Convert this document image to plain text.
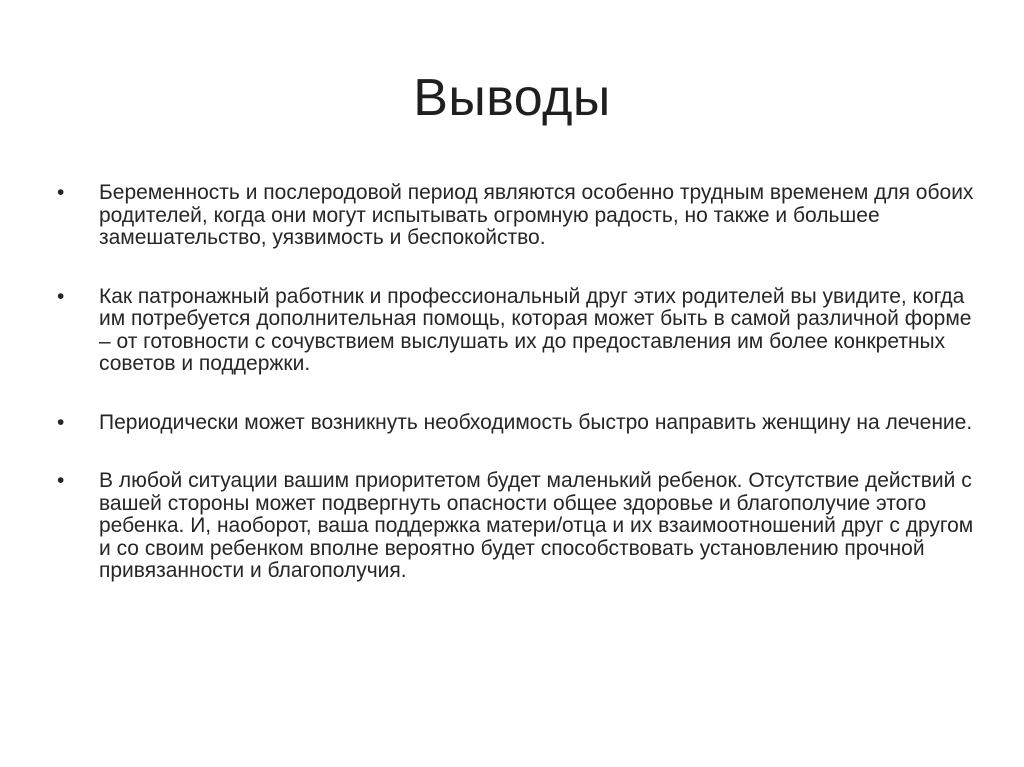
Выводы
•	Беременность и послеродовой период являются особенно трудным временем для обоих родителей, когда они могут испытывать огромную радость, но также и большее замешательство, уязвимость и беспокойство.
•	Как патронажный работник и профессиональный друг этих родителей вы увидите, когда им потребуется дополнительная помощь, которая может быть в самой различной форме – от готовности с сочувствием выслушать их до предоставления им более конкретных советов и поддержки.
•	Периодически может возникнуть необходимость быстро направить женщину на лечение.
•	В любой ситуации вашим приоритетом будет маленький ребенок. Отсутствие действий с вашей стороны может подвергнуть опасности общее здоровье и благополучие этого ребенка. И, наоборот, ваша поддержка матери/отца и их взаимоотношений друг с другом и со своим ребенком вполне вероятно будет способствовать установлению прочной привязанности и благополучия.
